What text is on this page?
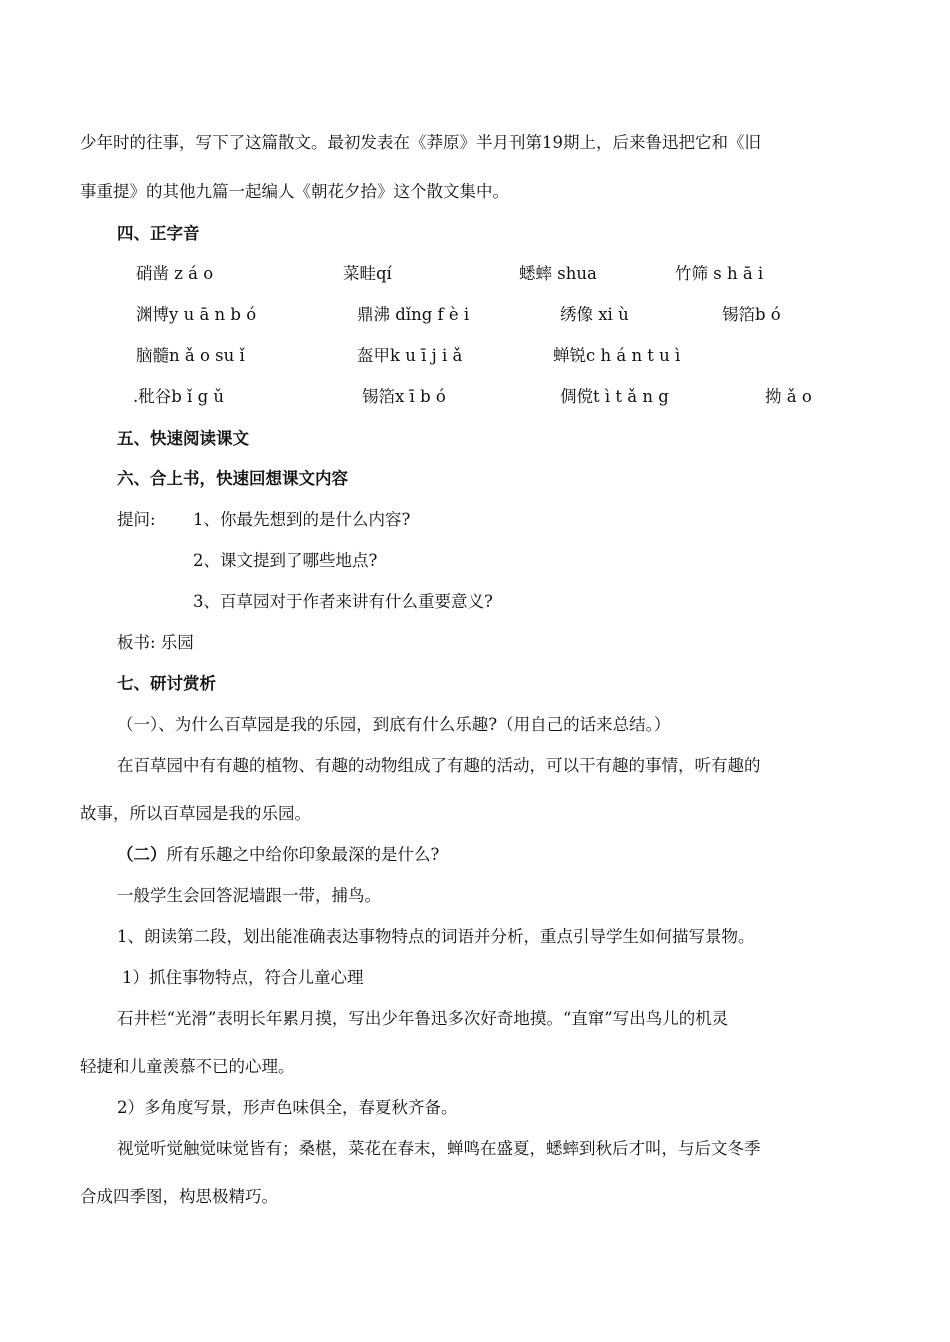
少年时的往事，写下了这篇散文。最初发表在《莽原》半月刊第19期上，后来鲁迅把它和《旧
事重提》的其他九篇一起编人《朝花夕拾》这个散文集中。
四、正字音
硝凿 z á o	菜畦qí	蟋蟀 shua	竹筛 s h ā i
渊博y u ā n b ó	鼎沸 dǐng f è i	绣像 xi ù	锡箔b ó
脑髓n ǎ o su ǐ	盔甲k u ī j i ǎ	蝉锐c h á n t u ì
.秕谷b ǐ g ǔ	锡箔x ī b ó	倜傥t ì t ǎ n g	拗 ǎ o
五、快速阅读课文
六、合上书，快速回想课文内容
提问: 1、你最先想到的是什么内容?
2、课文提到了哪些地点?
3、百草园对于作者来讲有什么重要意义?
板书: 乐园
七、研讨赏析
（一）、为什么百草园是我的乐园，到底有什么乐趣?（用自己的话来总结。）
在百草园中有有趣的植物、有趣的动物组成了有趣的活动，可以干有趣的事情，听有趣的
故事，所以百草园是我的乐园。
（二）所有乐趣之中给你印象最深的是什么?
一般学生会回答泥墙跟一带，捕鸟。
1、朗读第二段，划出能准确表达事物特点的词语并分析，重点引导学生如何描写景物。
1）抓住事物特点，符合儿童心理
石井栏“光滑”表明长年累月摸，写出少年鲁迅多次好奇地摸。“直窜”写出鸟儿的机灵
轻捷和儿童羡慕不已的心理。
2）多角度写景，形声色味俱全，春夏秋齐备。
视觉听觉触觉味觉皆有；桑椹，菜花在春末，蝉鸣在盛夏，蟋蟀到秋后才叫，与后文冬季
合成四季图，构思极精巧。
